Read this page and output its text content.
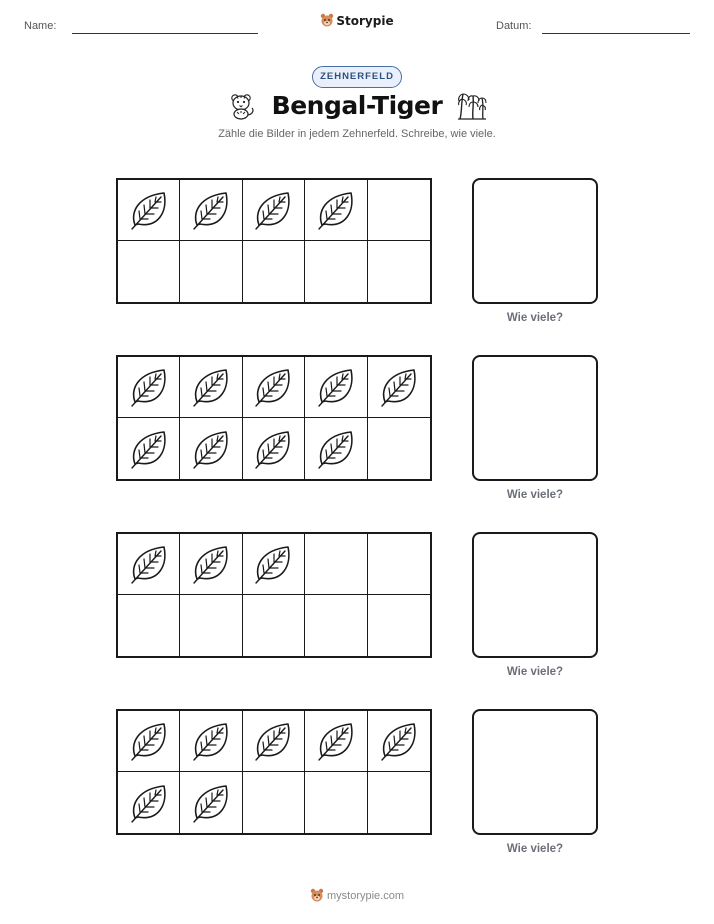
Name:	Storypie	Datum:
ZEHNERFELD
Bengal-Tiger
Zähle die Bilder in jedem Zehnerfeld. Schreibe, wie viele.
Wie viele?
Wie viele?
Wie viele?
Wie viele?
mystorypie.com
